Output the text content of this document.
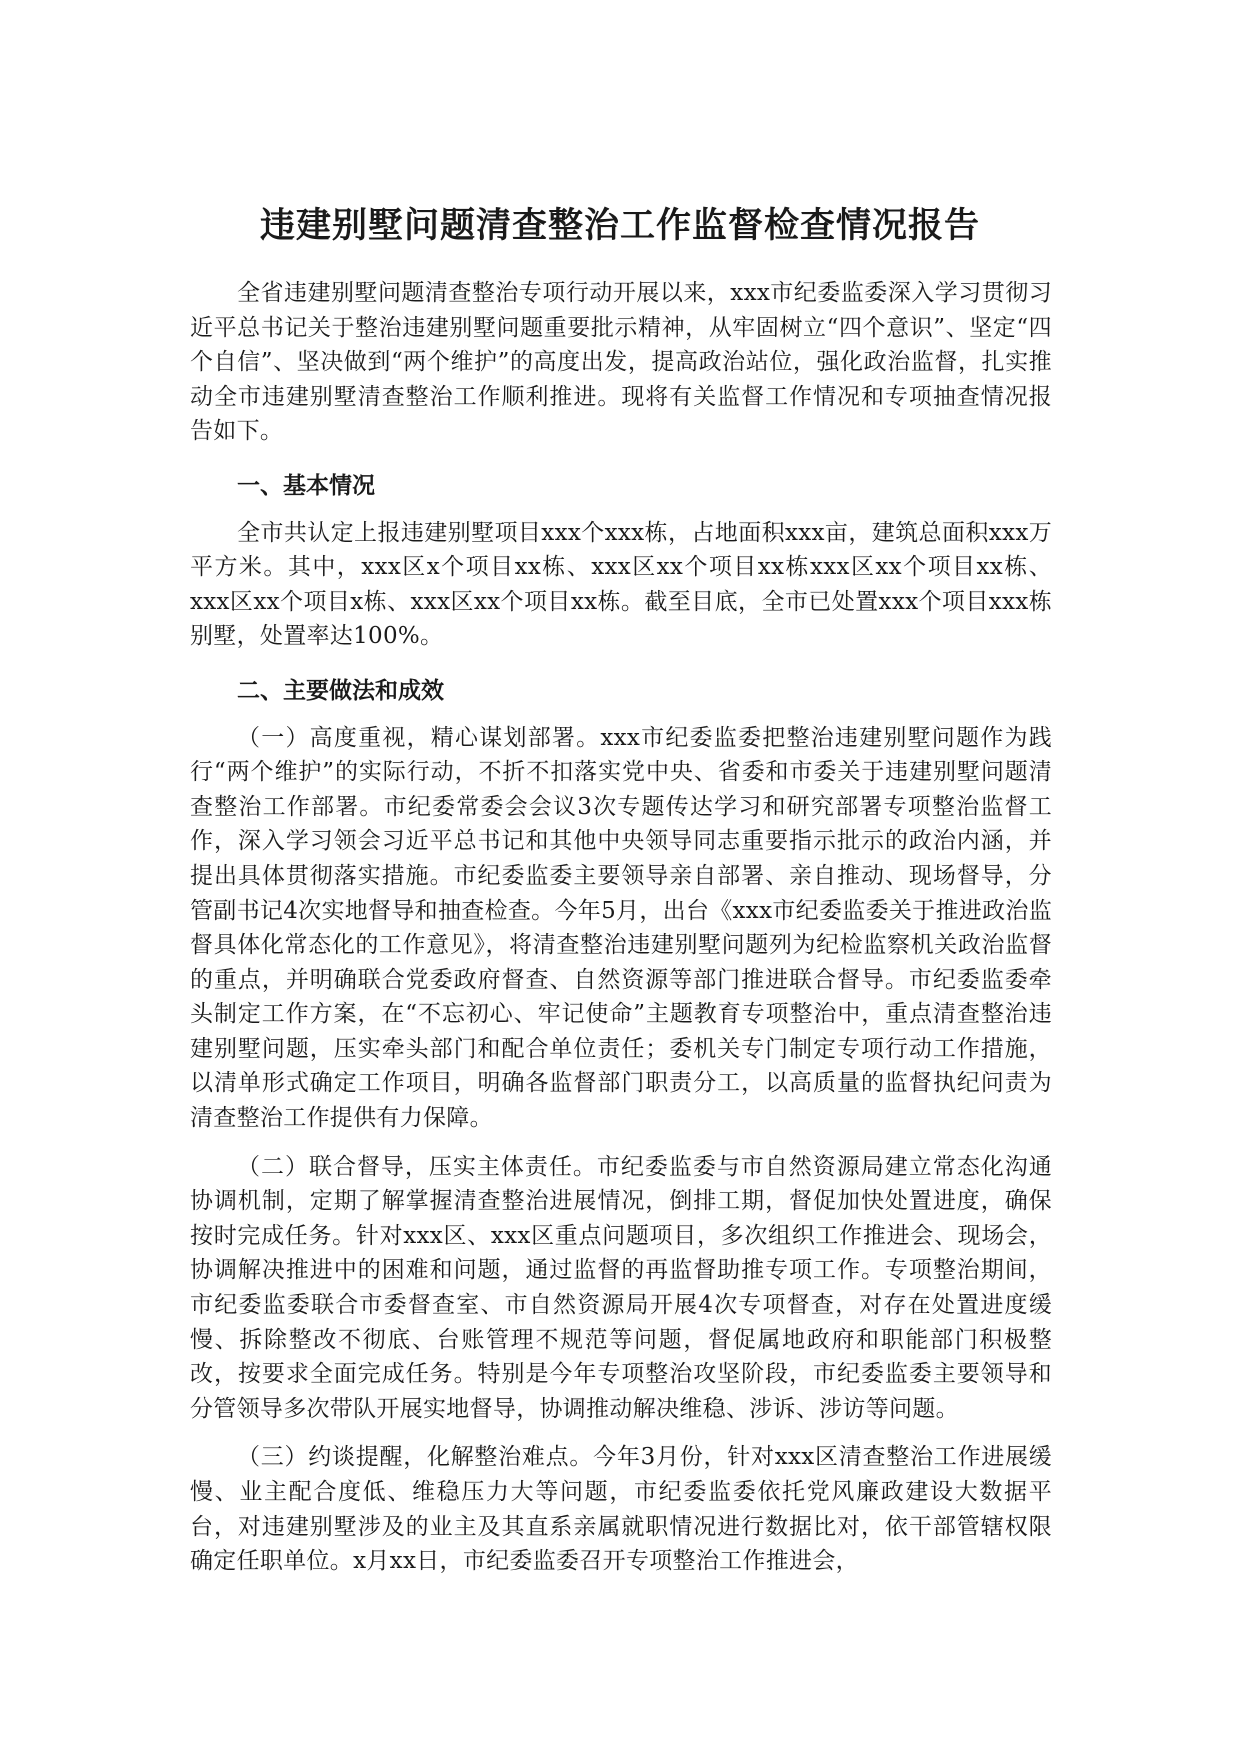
违建别墅问题清查整治工作监督检查情况报告

全省违建别墅问题清查整治专项行动开展以来，xxx市纪委监委深入学习贯彻习近平总书记关于整治违建别墅问题重要批示精神，从牢固树立“四个意识”、坚定“四个自信”、坚决做到“两个维护”的高度出发，提高政治站位，强化政治监督，扎实推动全市违建别墅清查整治工作顺利推进。现将有关监督工作情况和专项抽查情况报告如下。

一、基本情况

全市共认定上报违建别墅项目xxx个xxx栋，占地面积xxx亩，建筑总面积xxx万平方米。其中，xxx区x个项目xx栋、xxx区xx个项目xx栋xxx区xx个项目xx栋、xxx区xx个项目x栋、xxx区xx个项目xx栋。截至目底，全市已处置xxx个项目xxx栋别墅，处置率达100%。

二、主要做法和成效

（一）高度重视，精心谋划部署。xxx市纪委监委把整治违建别墅问题作为践行“两个维护”的实际行动，不折不扣落实党中央、省委和市委关于违建别墅问题清查整治工作部署。市纪委常委会会议3次专题传达学习和研究部署专项整治监督工作，深入学习领会习近平总书记和其他中央领导同志重要指示批示的政治内涵，并提出具体贯彻落实措施。市纪委监委主要领导亲自部署、亲自推动、现场督导，分管副书记4次实地督导和抽查检查。今年5月，出台《xxx市纪委监委关于推进政治监督具体化常态化的工作意见》，将清查整治违建别墅问题列为纪检监察机关政治监督的重点，并明确联合党委政府督查、自然资源等部门推进联合督导。市纪委监委牵头制定工作方案，在“不忘初心、牢记使命”主题教育专项整治中，重点清查整治违建别墅问题，压实牵头部门和配合单位责任；委机关专门制定专项行动工作措施，以清单形式确定工作项目，明确各监督部门职责分工，以高质量的监督执纪问责为清查整治工作提供有力保障。

（二）联合督导，压实主体责任。市纪委监委与市自然资源局建立常态化沟通协调机制，定期了解掌握清查整治进展情况，倒排工期，督促加快处置进度，确保按时完成任务。针对xxx区、xxx区重点问题项目，多次组织工作推进会、现场会，协调解决推进中的困难和问题，通过监督的再监督助推专项工作。专项整治期间，市纪委监委联合市委督查室、市自然资源局开展4次专项督查，对存在处置进度缓慢、拆除整改不彻底、台账管理不规范等问题，督促属地政府和职能部门积极整改，按要求全面完成任务。特别是今年专项整治攻坚阶段，市纪委监委主要领导和分管领导多次带队开展实地督导，协调推动解决维稳、涉诉、涉访等问题。

（三）约谈提醒，化解整治难点。今年3月份，针对xxx区清查整治工作进展缓慢、业主配合度低、维稳压力大等问题，市纪委监委依托党风廉政建设大数据平台，对违建别墅涉及的业主及其直系亲属就职情况进行数据比对，依干部管辖权限确定任职单位。x月xx日，市纪委监委召开专项整治工作推进会，
